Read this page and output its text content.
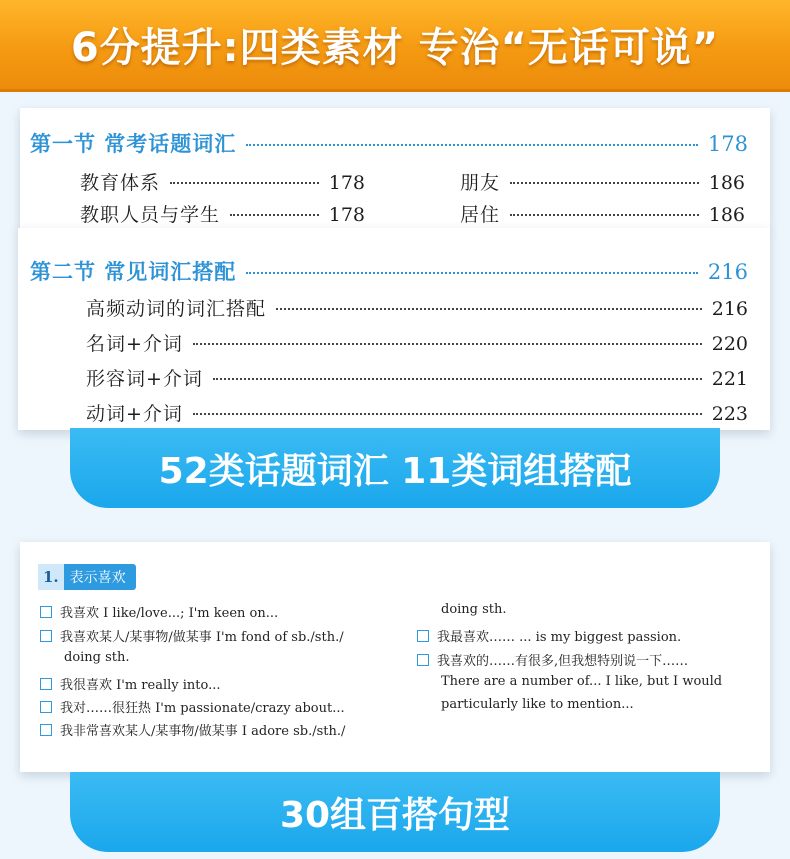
6分提升:四类素材 专治“无话可说”
第一节 常考话题词汇	178
教育体系	178	朋友	186
教职人员与学生	178	居住	186
第二节 常见词汇搭配	216
高频动词的词汇搭配	216
名词+介词	220
形容词+介词	221
动词+介词	223
52类话题词汇 11类词组搭配
1. 表示喜欢
我喜欢 I like/love...; I'm keen on...
我喜欢某人/某事物/做某事 I'm fond of sb./sth./
doing sth.
我很喜欢 I'm really into...
我对……很狂热 I'm passionate/crazy about...
我非常喜欢某人/某事物/做某事 I adore sb./sth./
doing sth.
我最喜欢…… ... is my biggest passion.
我喜欢的……有很多,但我想特别说一下……
There are a number of... I like, but I would
particularly like to mention...
30组百搭句型
